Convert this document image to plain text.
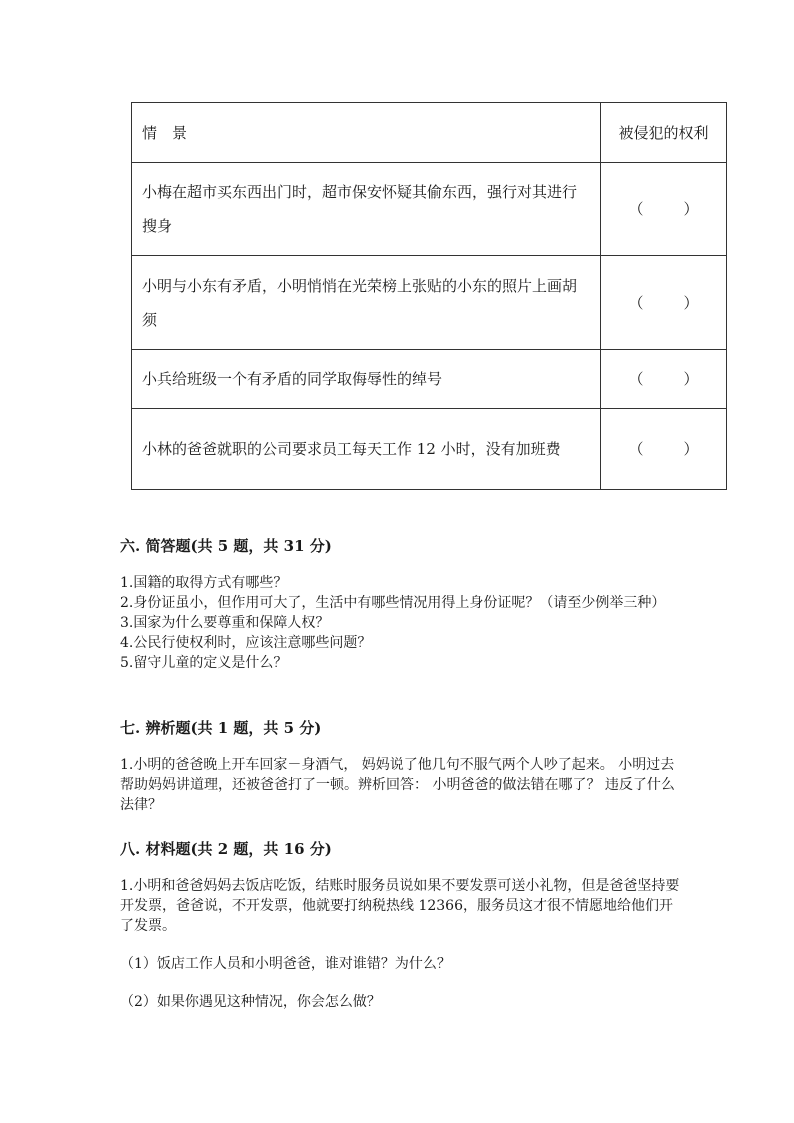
情　景	被侵犯的权利
小梅在超市买东西出门时，超市保安怀疑其偷东西，强行对其进行搜身	（ ）

小明与小东有矛盾，小明悄悄在光荣榜上张贴的小东的照片上画胡须	（ ）

小兵给班级一个有矛盾的同学取侮辱性的绰号	（ ）

小林的爸爸就职的公司要求员工每天工作 12 小时，没有加班费	（ ）

六. 简答题(共 5 题，共 31 分)

1.国籍的取得方式有哪些？

2.身份证虽小，但作用可大了，生活中有哪些情况用得上身份证呢？（请至少例举三种）

3.国家为什么要尊重和保障人权？

4.公民行使权利时，应该注意哪些问题？

5.留守儿童的定义是什么？

七. 辨析题(共 1 题，共 5 分)

1.小明的爸爸晚上开车回家－身酒气， 妈妈说了他几句不服气两个人吵了起来。 小明过去帮助妈妈讲道理，还被爸爸打了一顿。辨析回答： 小明爸爸的做法错在哪了？ 违反了什么法律？

八. 材料题(共 2 题，共 16 分)

1.小明和爸爸妈妈去饭店吃饭，结账时服务员说如果不要发票可送小礼物，但是爸爸坚持要开发票，爸爸说，不开发票，他就要打纳税热线 12366，服务员这才很不情愿地给他们开了发票。

（1）饭店工作人员和小明爸爸，谁对谁错？为什么？

（2）如果你遇见这种情况，你会怎么做？
